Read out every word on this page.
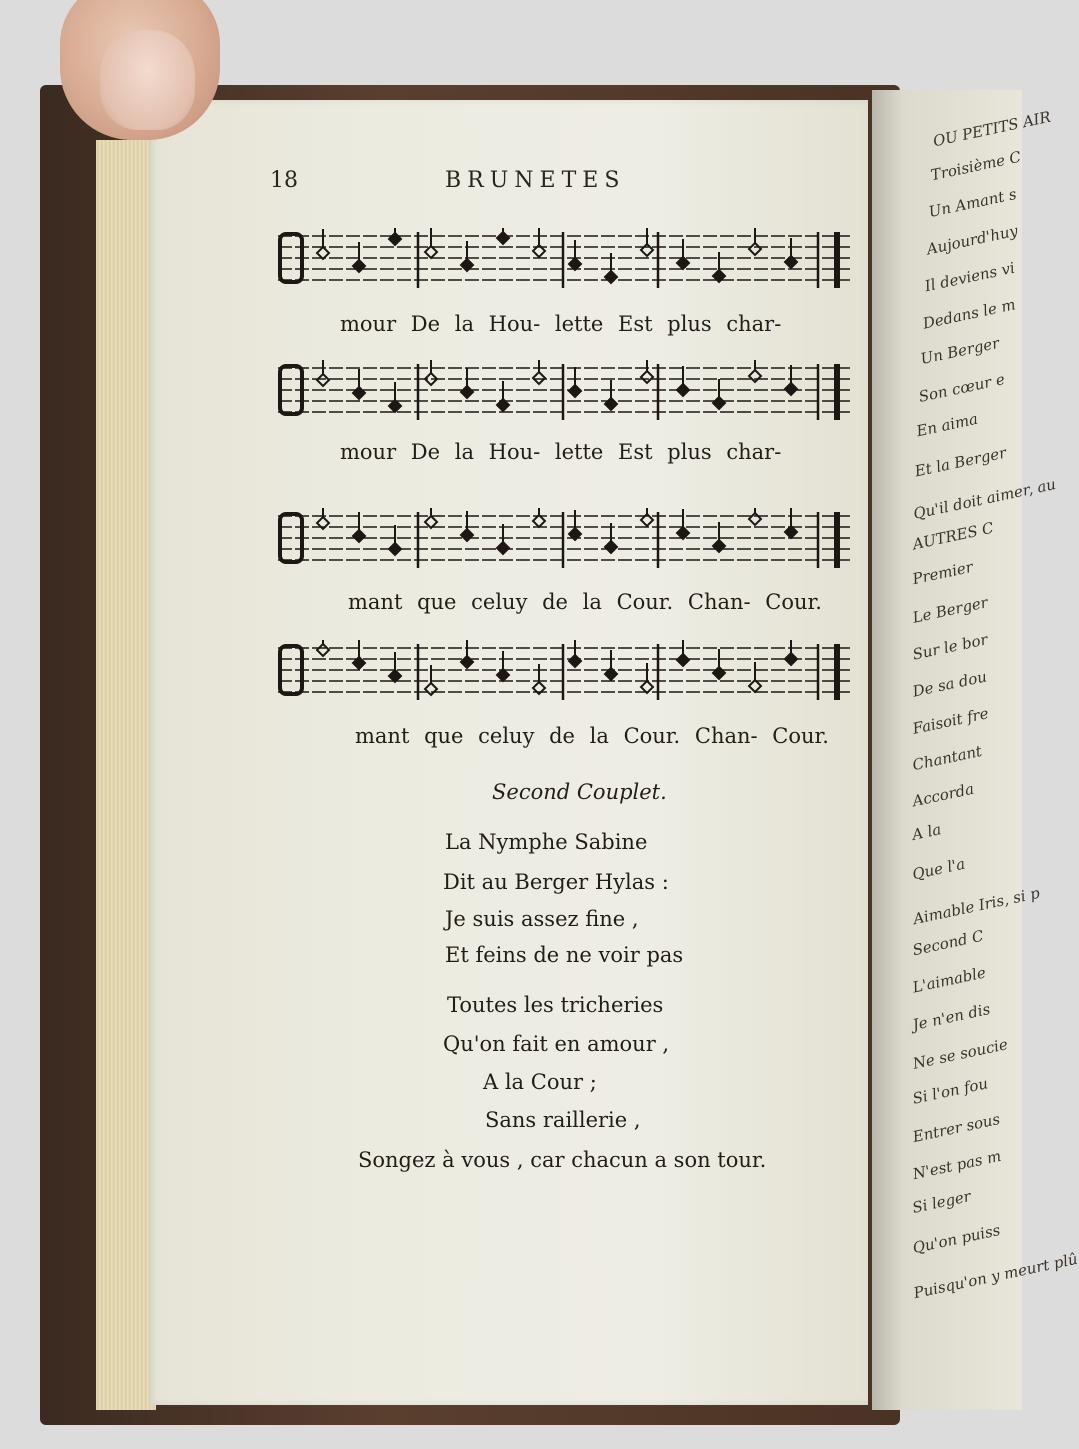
OU PETITS AIR
Troisième C
Un Amant s
Aujourd'huy
Il deviens vi
Dedans le m
Un Berger
Son cœur e
En aima
Et la Berger
Qu'il doit aimer, au
AUTRES C
Premier
Le Berger
Sur le bor
De sa dou
Faisoit fre
Chantant
Accorda
A la
Que l'a
Aimable Iris, si p
Second C
L'aimable
Je n'en dis
Ne se soucie
Si l'on fou
Entrer sous
N'est pas m
Si leger
Qu'on puiss
Puisqu'on y meurt plû
18	BRUNETES
mour De la Hou- lette Est plus char-
mour De la Hou- lette Est plus char-
mant que celuy de la Cour. Chan- Cour.
mant que celuy de la Cour. Chan- Cour.
Second Couplet.
La Nymphe Sabine
Dit au Berger Hylas :
Je suis assez fine ,
Et feins de ne voir pas
Toutes les tricheries
Qu'on fait en amour ,
A la Cour ;
Sans raillerie ,
Songez à vous , car chacun a son tour.
